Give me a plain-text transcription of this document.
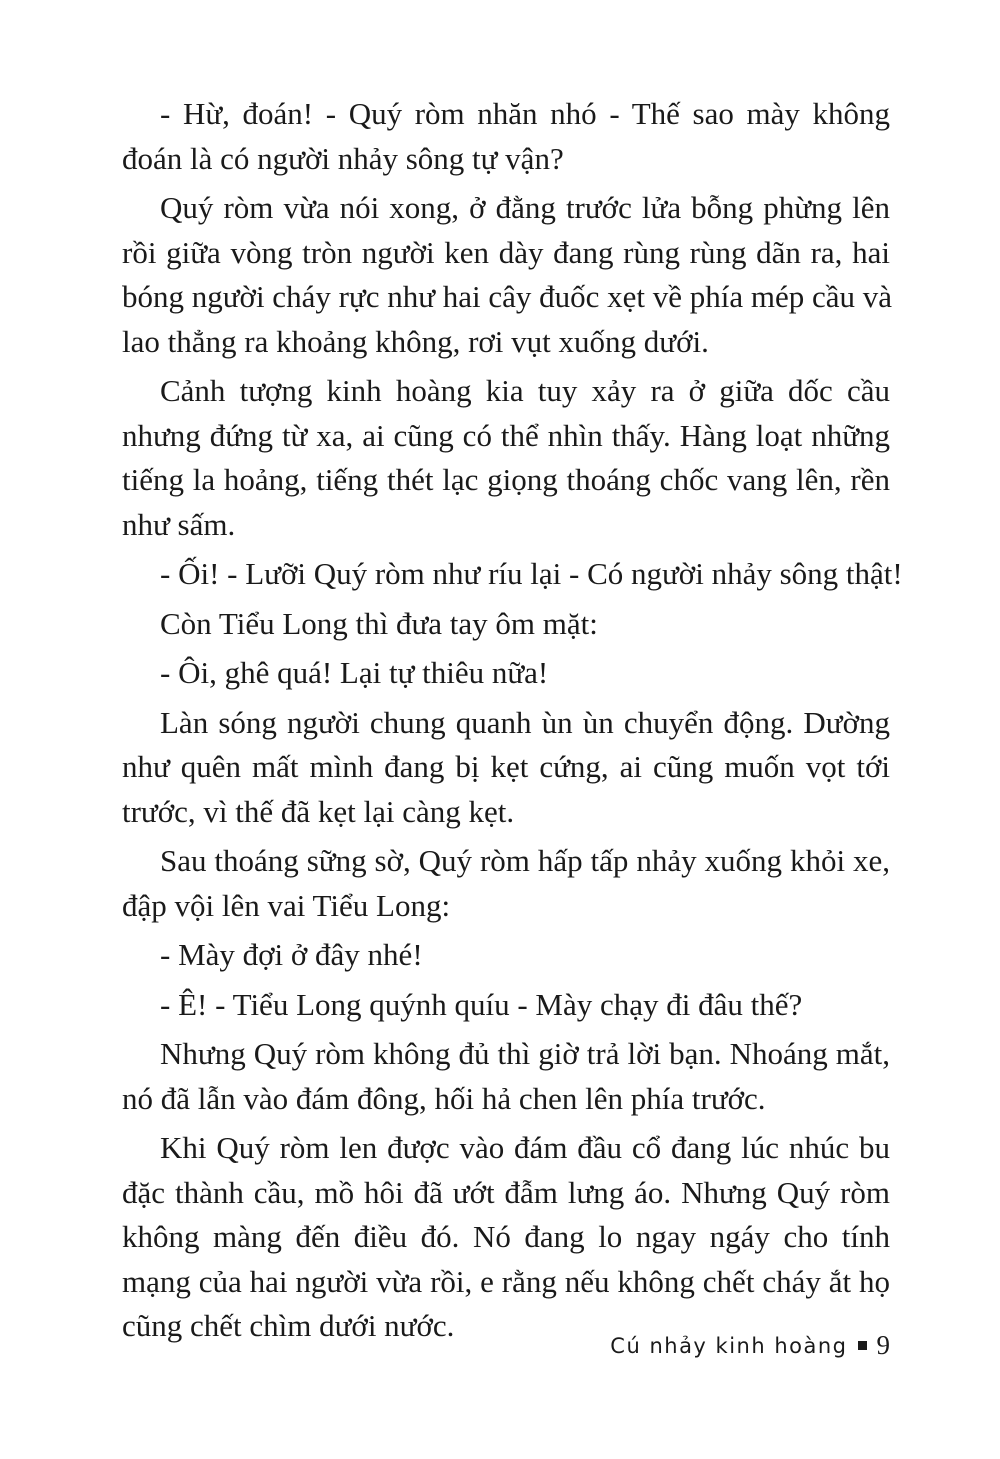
- Hừ, đoán! - Quý ròm nhăn nhó - Thế sao mày không
đoán là có người nhảy sông tự vận?
Quý ròm vừa nói xong, ở đằng trước lửa bỗng phừng lên
rồi giữa vòng tròn người ken dày đang rùng rùng dãn ra, hai
bóng người cháy rực như hai cây đuốc xẹt về phía mép cầu và
lao thẳng ra khoảng không, rơi vụt xuống dưới.
Cảnh tượng kinh hoàng kia tuy xảy ra ở giữa dốc cầu
nhưng đứng từ xa, ai cũng có thể nhìn thấy. Hàng loạt những
tiếng la hoảng, tiếng thét lạc giọng thoáng chốc vang lên, rền
như sấm.
- Ối! - Lưỡi Quý ròm như ríu lại - Có người nhảy sông thật!
Còn Tiểu Long thì đưa tay ôm mặt:
- Ôi, ghê quá! Lại tự thiêu nữa!
Làn sóng người chung quanh ùn ùn chuyển động. Dường
như quên mất mình đang bị kẹt cứng, ai cũng muốn vọt tới
trước, vì thế đã kẹt lại càng kẹt.
Sau thoáng sững sờ, Quý ròm hấp tấp nhảy xuống khỏi xe,
đập vội lên vai Tiểu Long:
- Mày đợi ở đây nhé!
- Ê! - Tiểu Long quýnh quíu - Mày chạy đi đâu thế?
Nhưng Quý ròm không đủ thì giờ trả lời bạn. Nhoáng mắt,
nó đã lẫn vào đám đông, hối hả chen lên phía trước.
Khi Quý ròm len được vào đám đầu cổ đang lúc nhúc bu
đặc thành cầu, mồ hôi đã ướt đẫm lưng áo. Nhưng Quý ròm
không màng đến điều đó. Nó đang lo ngay ngáy cho tính
mạng của hai người vừa rồi, e rằng nếu không chết cháy ắt họ
cũng chết chìm dưới nước.
Cú nhảy kinh hoàng 9
